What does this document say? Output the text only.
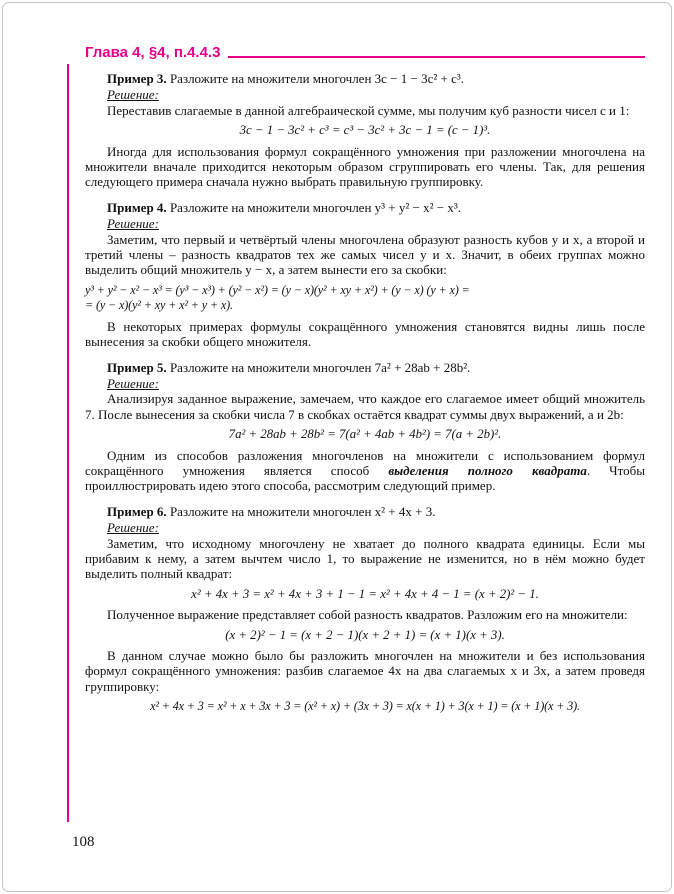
Глава 4, §4, п.4.4.3

Пример 3. Разложите на множители многочлен 3c − 1 − 3c² + c³.

Решение:

Переставив слагаемые в данной алгебраической сумме, мы получим куб разности чисел c и 1:

3c − 1 − 3c² + c³ = c³ − 3c² + 3c − 1 = (c − 1)³.

Иногда для использования формул сокращённого умножения при разложении многочлена на множители вначале приходится некоторым образом сгруппировать его члены. Так, для решения следующего примера сначала нужно выбрать правильную группировку.

Пример 4. Разложите на множители многочлен y³ + y² − x² − x³.

Решение:

Заметим, что первый и четвёртый члены многочлена образуют разность кубов y и x, а второй и третий члены – разность квадратов тех же самых чисел y и x. Значит, в обеих группах можно выделить общий множитель y − x, а затем вынести его за скобки:

y³ + y² − x² − x³ = (y³ − x³) + (y² − x²) = (y − x)(y² + xy + x²) + (y − x) (y + x) =
= (y − x)(y² + xy + x² + y + x).

В некоторых примерах формулы сокращённого умножения становятся видны лишь после вынесения за скобки общего множителя.

Пример 5. Разложите на множители многочлен 7a² + 28ab + 28b².

Решение:

Анализируя заданное выражение, замечаем, что каждое его слагаемое имеет общий множитель 7. После вынесения за скобки числа 7 в скобках остаётся квадрат суммы двух выражений, a и 2b:

7a² + 28ab + 28b² = 7(a² + 4ab + 4b²) = 7(a + 2b)².

Одним из способов разложения многочленов на множители с использованием формул сокращённого умножения является способ выделения полного квадрата. Чтобы проиллюстрировать идею этого способа, рассмотрим следующий пример.

Пример 6. Разложите на множители многочлен x² + 4x + 3.

Решение:

Заметим, что исходному многочлену не хватает до полного квадрата единицы. Если мы прибавим к нему, а затем вычтем число 1, то выражение не изменится, но в нём можно будет выделить полный квадрат:

x² + 4x + 3 = x² + 4x + 3 + 1 − 1 = x² + 4x + 4 − 1 = (x + 2)² − 1.

Полученное выражение представляет собой разность квадратов. Разложим его на множители:

(x + 2)² − 1 = (x + 2 − 1)(x + 2 + 1) = (x + 1)(x + 3).

В данном случае можно было бы разложить многочлен на множители и без использования формул сокращённого умножения: разбив слагаемое 4x на два слагаемых x и 3x, а затем проведя группировку:

x² + 4x + 3 = x² + x + 3x + 3 = (x² + x) + (3x + 3) = x(x + 1) + 3(x + 1) = (x + 1)(x + 3).
108
